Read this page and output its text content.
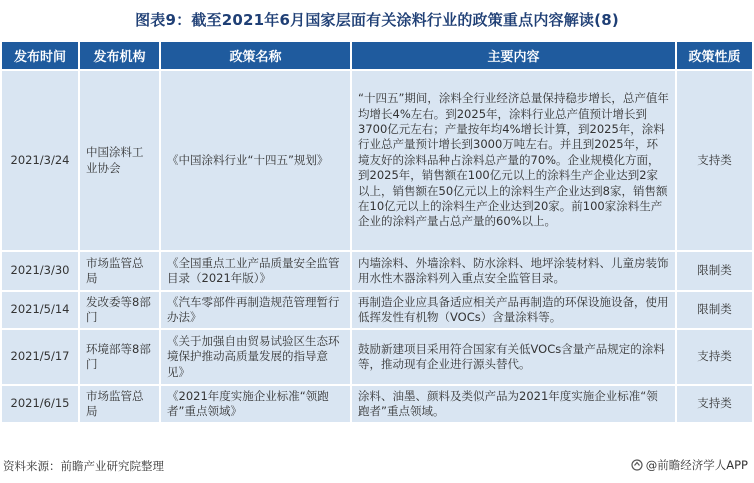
图表9：截至2021年6月国家层面有关涂料行业的政策重点内容解读(8)
发布时间	发布机构	政策名称	主要内容	政策性质
2021/3/24	中国涂料工业协会	《中国涂料行业“十四五”规划》	“十四五”期间，涂料全行业经济总量保持稳步增长，总产值年均增长4%左右。到2025年，涂料行业总产值预计增长到3700亿元左右；产量按年均4%增长计算，到2025年，涂料行业总产量预计增长到3000万吨左右。并且到2025年，环境友好的涂料品种占涂料总产量的70%。企业规模化方面，到2025年，销售额在100亿元以上的涂料生产企业达到2家以上，销售额在50亿元以上的涂料生产企业达到8家，销售额在10亿元以上的涂料生产企业达到20家。前100家涂料生产企业的涂料产量占总产量的60%以上。	支持类
2021/3/30	市场监管总局	《全国重点工业产品质量安全监管目录（2021年版）》	内墙涂料、外墙涂料、防水涂料、地坪涂装材料、儿童房装饰用水性木器涂料列入重点安全监管目录。	限制类
2021/5/14	发改委等8部门	《汽车零部件再制造规范管理暂行办法》	再制造企业应具备适应相关产品再制造的环保设施设备，使用低挥发性有机物（VOCs）含量涂料等。	限制类
2021/5/17	环境部等8部门	《关于加强自由贸易试验区生态环境保护推动高质量发展的指导意见》	鼓励新建项目采用符合国家有关低VOCs含量产品规定的涂料等，推动现有企业进行源头替代。	支持类
2021/6/15	市场监管总局	《2021年度实施企业标准“领跑者”重点领域》	涂料、油墨、颜料及类似产品为2021年度实施企业标准“领跑者”重点领域。	支持类
资料来源：前瞻产业研究院整理	@前瞻经济学人APP
